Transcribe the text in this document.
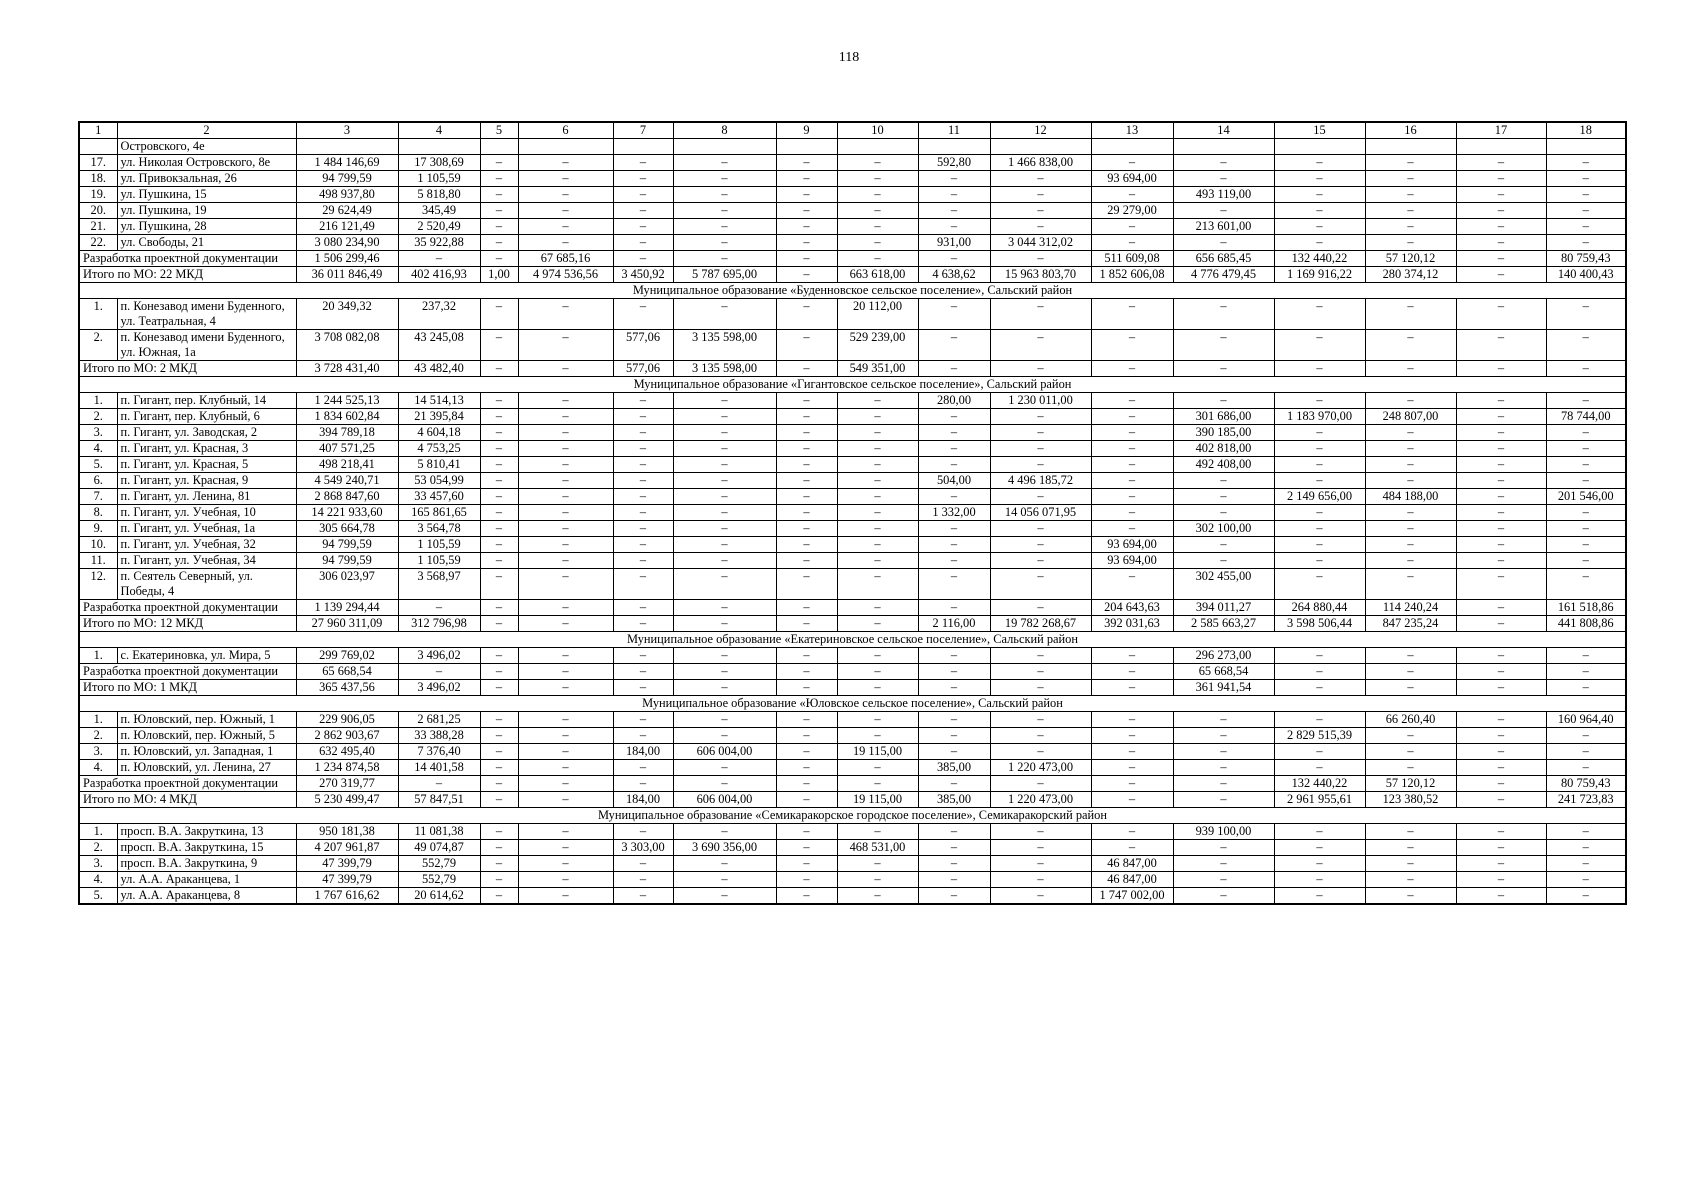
118
1	2	3	4	5	6	7	8	9	10	11	12	13	14	15	16	17	18
	Островского, 4е																
17.	ул. Николая Островского, 8е	1 484 146,69	17 308,69	–	–	–	–	–	–	592,80	1 466 838,00	–	–	–	–	–	–
18.	ул. Привокзальная, 26	94 799,59	1 105,59	–	–	–	–	–	–	–	–	93 694,00	–	–	–	–	–
19.	ул. Пушкина, 15	498 937,80	5 818,80	–	–	–	–	–	–	–	–	–	493 119,00	–	–	–	–
20.	ул. Пушкина, 19	29 624,49	345,49	–	–	–	–	–	–	–	–	29 279,00	–	–	–	–	–
21.	ул. Пушкина, 28	216 121,49	2 520,49	–	–	–	–	–	–	–	–	–	213 601,00	–	–	–	–
22.	ул. Свободы, 21	3 080 234,90	35 922,88	–	–	–	–	–	–	931,00	3 044 312,02	–	–	–	–	–	–
Разработка проектной документации		1 506 299,46	–	–	67 685,16	–	–	–	–	–	–	511 609,08	656 685,45	132 440,22	57 120,12	–	80 759,43
Итого по МО: 22 МКД		36 011 846,49	402 416,93	1,00	4 974 536,56	3 450,92	5 787 695,00	–	663 618,00	4 638,62	15 963 803,70	1 852 606,08	4 776 479,45	1 169 916,22	280 374,12	–	140 400,43
Муниципальное образование «Буденновское сельское поселение», Сальский район																	
1.	п. Конезавод имени Буденного, ул. Театральная, 4	20 349,32	237,32	–	–	–	–	–	20 112,00	–	–	–	–	–	–	–	–
2.	п. Конезавод имени Буденного, ул. Южная, 1а	3 708 082,08	43 245,08	–	–	577,06	3 135 598,00	–	529 239,00	–	–	–	–	–	–	–	–
Итого по МО: 2 МКД		3 728 431,40	43 482,40	–	–	577,06	3 135 598,00	–	549 351,00	–	–	–	–	–	–	–	–
Муниципальное образование «Гигантовское сельское поселение», Сальский район																	
1.	п. Гигант, пер. Клубный, 14	1 244 525,13	14 514,13	–	–	–	–	–	–	280,00	1 230 011,00	–	–	–	–	–	–
2.	п. Гигант, пер. Клубный, 6	1 834 602,84	21 395,84	–	–	–	–	–	–	–	–	–	301 686,00	1 183 970,00	248 807,00	–	78 744,00
3.	п. Гигант, ул. Заводская, 2	394 789,18	4 604,18	–	–	–	–	–	–	–	–	–	390 185,00	–	–	–	–
4.	п. Гигант, ул. Красная, 3	407 571,25	4 753,25	–	–	–	–	–	–	–	–	–	402 818,00	–	–	–	–
5.	п. Гигант, ул. Красная, 5	498 218,41	5 810,41	–	–	–	–	–	–	–	–	–	492 408,00	–	–	–	–
6.	п. Гигант, ул. Красная, 9	4 549 240,71	53 054,99	–	–	–	–	–	–	504,00	4 496 185,72	–	–	–	–	–	–
7.	п. Гигант, ул. Ленина, 81	2 868 847,60	33 457,60	–	–	–	–	–	–	–	–	–	–	2 149 656,00	484 188,00	–	201 546,00
8.	п. Гигант, ул. Учебная, 10	14 221 933,60	165 861,65	–	–	–	–	–	–	1 332,00	14 056 071,95	–	–	–	–	–	–
9.	п. Гигант, ул. Учебная, 1а	305 664,78	3 564,78	–	–	–	–	–	–	–	–	–	302 100,00	–	–	–	–
10.	п. Гигант, ул. Учебная, 32	94 799,59	1 105,59	–	–	–	–	–	–	–	–	93 694,00	–	–	–	–	–
11.	п. Гигант, ул. Учебная, 34	94 799,59	1 105,59	–	–	–	–	–	–	–	–	93 694,00	–	–	–	–	–
12.	п. Сеятель Северный, ул. Победы, 4	306 023,97	3 568,97	–	–	–	–	–	–	–	–	–	302 455,00	–	–	–	–
Разработка проектной документации		1 139 294,44	–	–	–	–	–	–	–	–	–	204 643,63	394 011,27	264 880,44	114 240,24	–	161 518,86
Итого по МО: 12 МКД		27 960 311,09	312 796,98	–	–	–	–	–	–	2 116,00	19 782 268,67	392 031,63	2 585 663,27	3 598 506,44	847 235,24	–	441 808,86
Муниципальное образование «Екатериновское сельское поселение», Сальский район																	
1.	с. Екатериновка, ул. Мира, 5	299 769,02	3 496,02	–	–	–	–	–	–	–	–	–	296 273,00	–	–	–	–
Разработка проектной документации		65 668,54	–	–	–	–	–	–	–	–	–	–	65 668,54	–	–	–	–
Итого по МО: 1 МКД		365 437,56	3 496,02	–	–	–	–	–	–	–	–	–	361 941,54	–	–	–	–
Муниципальное образование «Юловское сельское поселение», Сальский район																	
1.	п. Юловский, пер. Южный, 1	229 906,05	2 681,25	–	–	–	–	–	–	–	–	–	–	–	66 260,40	–	160 964,40
2.	п. Юловский, пер. Южный, 5	2 862 903,67	33 388,28	–	–	–	–	–	–	–	–	–	–	2 829 515,39	–	–	–
3.	п. Юловский, ул. Западная, 1	632 495,40	7 376,40	–	–	184,00	606 004,00	–	19 115,00	–	–	–	–	–	–	–	–
4.	п. Юловский, ул. Ленина, 27	1 234 874,58	14 401,58	–	–	–	–	–	–	385,00	1 220 473,00	–	–	–	–	–	–
Разработка проектной документации		270 319,77	–	–	–	–	–	–	–	–	–	–	–	132 440,22	57 120,12	–	80 759,43
Итого по МО: 4 МКД		5 230 499,47	57 847,51	–	–	184,00	606 004,00	–	19 115,00	385,00	1 220 473,00	–	–	2 961 955,61	123 380,52	–	241 723,83
Муниципальное образование «Семикаракорское городское поселение», Семикаракорский район																	
1.	просп. В.А. Закруткина, 13	950 181,38	11 081,38	–	–	–	–	–	–	–	–	–	939 100,00	–	–	–	–
2.	просп. В.А. Закруткина, 15	4 207 961,87	49 074,87	–	–	3 303,00	3 690 356,00	–	468 531,00	–	–	–	–	–	–	–	–
3.	просп. В.А. Закруткина, 9	47 399,79	552,79	–	–	–	–	–	–	–	–	46 847,00	–	–	–	–	–
4.	ул. А.А. Араканцева, 1	47 399,79	552,79	–	–	–	–	–	–	–	–	46 847,00	–	–	–	–	–
5.	ул. А.А. Араканцева, 8	1 767 616,62	20 614,62	–	–	–	–	–	–	–	–	1 747 002,00	–	–	–	–	–
